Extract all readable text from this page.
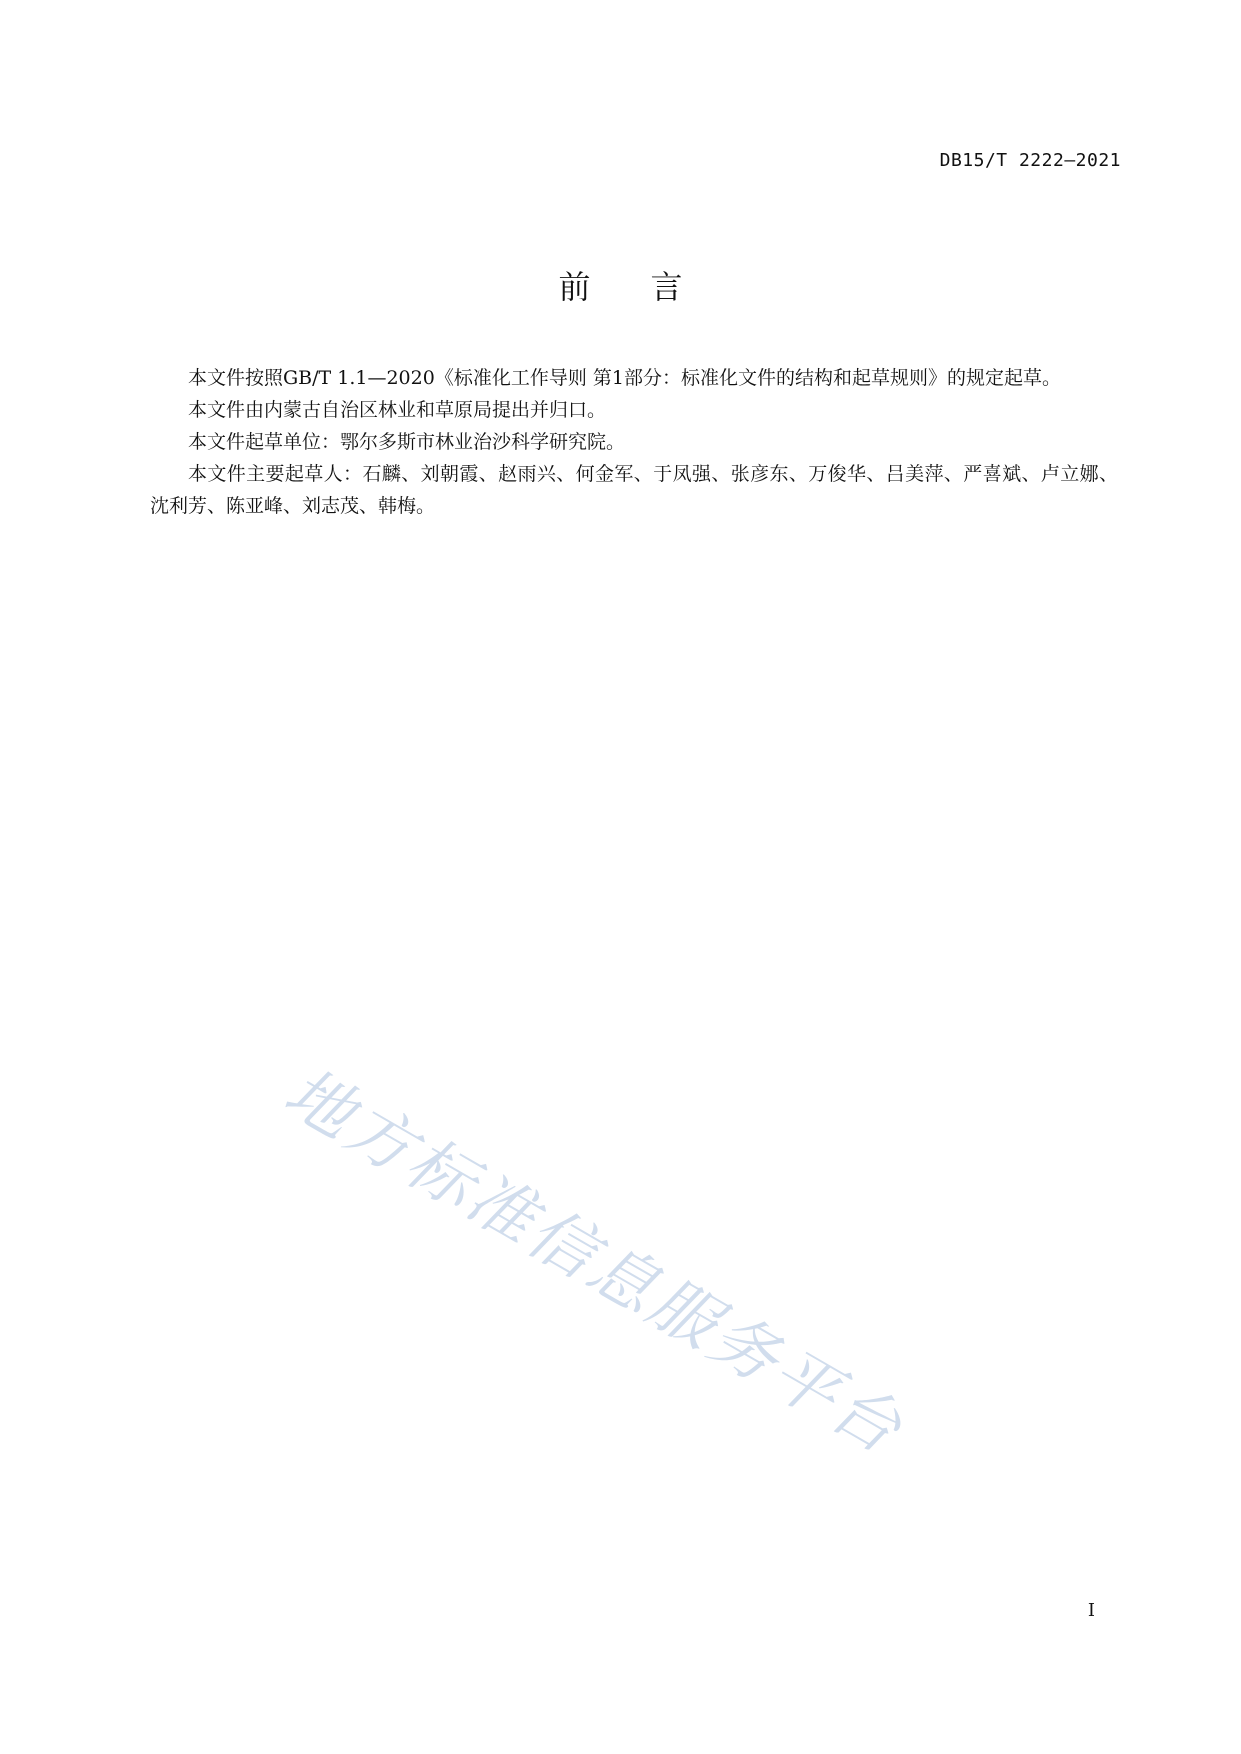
DB15/T 2222—2021
前言

本文件按照GB/T 1.1—2020《标准化工作导则 第1部分：标准化文件的结构和起草规则》的规定起草。

本文件由内蒙古自治区林业和草原局提出并归口。

本文件起草单位：鄂尔多斯市林业治沙科学研究院。

本文件主要起草人：石麟、刘朝霞、赵雨兴、何金军、于凤强、张彦东、万俊华、吕美萍、严喜斌、卢立娜、沈利芳、陈亚峰、刘志茂、韩梅。

地方标准信息服务平台
I
